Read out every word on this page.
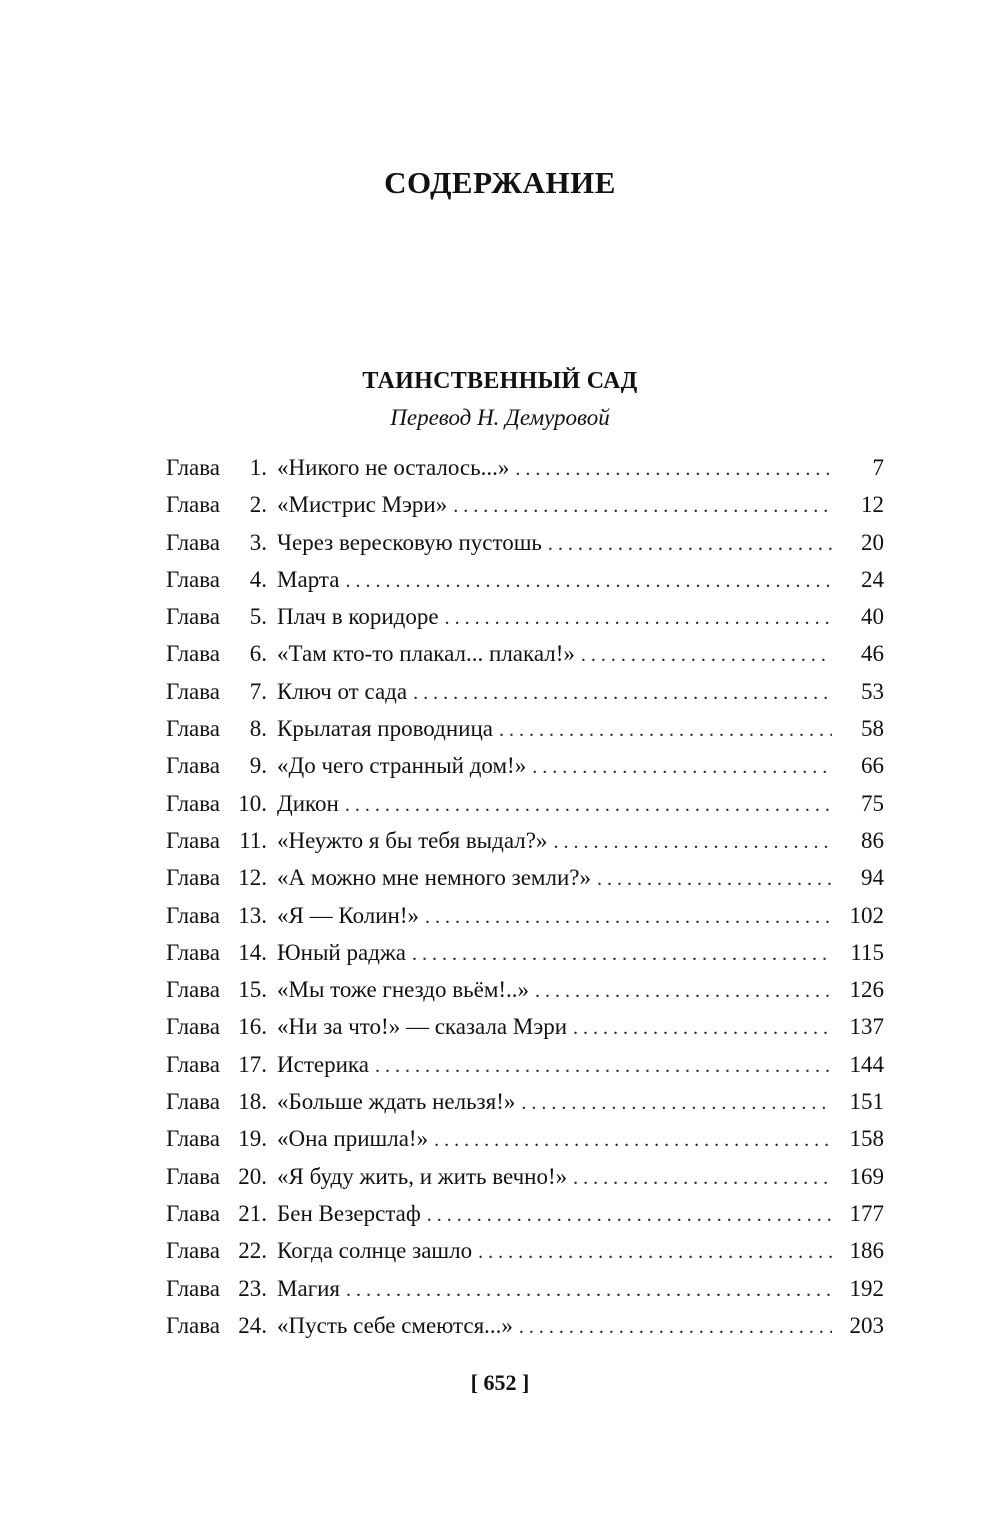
СОДЕРЖАНИЕ
ТАИНСТВЕННЫЙ САД
Перевод Н. Демуровой
Глава	1. «Никого не осталось...» . . .	7
Глава	2. «Мистрис Мэри» . . .	12
Глава	3. Через вересковую пустошь . . .	20
Глава	4. Марта . . .	24
Глава	5. Плач в коридоре . . .	40
Глава	6. «Там кто-то плакал... плакал!» . . .	46
Глава	7. Ключ от сада . . .	53
Глава	8. Крылатая проводница . . .	58
Глава	9. «До чего странный дом!» . . .	66
Глава 10. Дикон . . .	75
Глава 11. «Неужто я бы тебя выдал?» . . .	86
Глава 12. «А можно мне немного земли?» . . .	94
Глава 13. «Я — Колин!» . . .	102
Глава 14. Юный раджа . . .	115
Глава 15. «Мы тоже гнездо вьём!..» . . .	126
Глава 16. «Ни за что!» — сказала Мэри . . .	137
Глава 17. Истерика . . .	144
Глава 18. «Больше ждать нельзя!» . . .	151
Глава 19. «Она пришла!» . . .	158
Глава 20. «Я буду жить, и жить вечно!» . . .	169
Глава 21. Бен Везерстаф . . .	177
Глава 22. Когда солнце зашло . . .	186
Глава 23. Магия . . .	192
Глава 24. «Пусть себе смеются...» . . .	203
[ 652 ]
